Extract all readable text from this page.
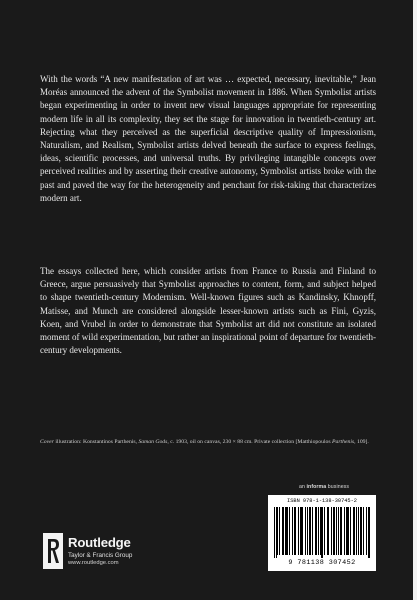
With the words “A new manifestation of art was … expected, necessary, inevitable,” Jean Moréas announced the advent of the Symbolist movement in 1886. When Symbolist artists began experimenting in order to invent new visual languages appropriate for representing modern life in all its complexity, they set the stage for innovation in twentieth-century art. Rejecting what they perceived as the superficial descriptive quality of Impressionism, Naturalism, and Realism, Symbolist artists delved beneath the surface to express feelings, ideas, scientific processes, and universal truths. By privileging intangible concepts over perceived realities and by asserting their creative autonomy, Symbolist artists broke with the past and paved the way for the heterogeneity and penchant for risk-taking that characterizes modern art.

The essays collected here, which consider artists from France to Russia and Finland to Greece, argue persuasively that Symbolist approaches to content, form, and subject helped to shape twentieth-century Modernism. Well-known figures such as Kandinsky, Khnopff, Matisse, and Munch are considered alongside lesser-known artists such as Fini, Gyzis, Koen, and Vrubel in order to demonstrate that Symbolist art did not constitute an isolated moment of wild experimentation, but rather an inspirational point of departure for twentieth-century developments.

Cover illustration: Konstantinos Parthenis, Saman Gods, c. 1903, oil on canvas, 230 × 88 cm. Private collection [Matthiopoulos Parthenis, 109].

an informa business
ISBN 978-1-138-30745-2
9 781138 307452
Routledge
Taylor & Francis Group
www.routledge.com
